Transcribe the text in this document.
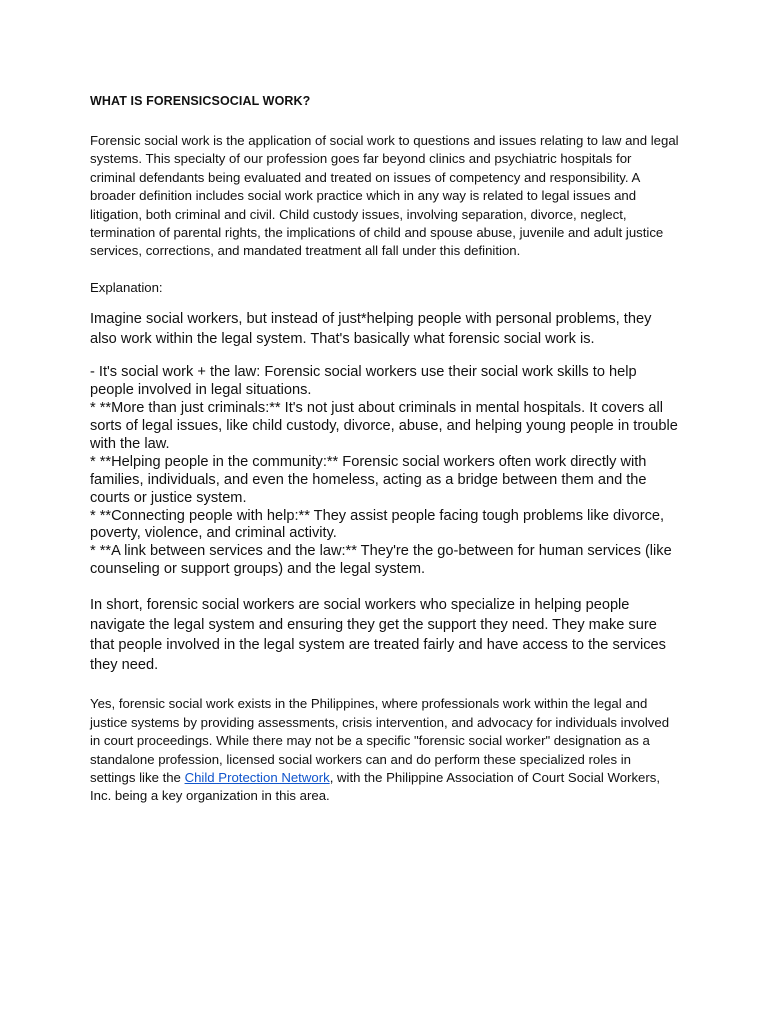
WHAT IS FORENSICSOCIAL WORK?

Forensic social work is the application of social work to questions and issues relating to law and legal systems. This specialty of our profession goes far beyond clinics and psychiatric hospitals for criminal defendants being evaluated and treated on issues of competency and responsibility. A broader definition includes social work practice which in any way is related to legal issues and litigation, both criminal and civil. Child custody issues, involving separation, divorce, neglect, termination of parental rights, the implications of child and spouse abuse, juvenile and adult justice services, corrections, and mandated treatment all fall under this definition.

Explanation:

Imagine social workers, but instead of just*helping people with personal problems, they also work within the legal system. That's basically what forensic social work is.

- It's social work + the law: Forensic social workers use their social work skills to help people involved in legal situations.

* **More than just criminals:** It's not just about criminals in mental hospitals. It covers all sorts of legal issues, like child custody, divorce, abuse, and helping young people in trouble with the law.

* **Helping people in the community:** Forensic social workers often work directly with families, individuals, and even the homeless, acting as a bridge between them and the courts or justice system.

* **Connecting people with help:** They assist people facing tough problems like divorce, poverty, violence, and criminal activity.

* **A link between services and the law:** They're the go-between for human services (like counseling or support groups) and the legal system.

In short, forensic social workers are social workers who specialize in helping people navigate the legal system and ensuring they get the support they need. They make sure that people involved in the legal system are treated fairly and have access to the services they need.

Yes, forensic social work exists in the Philippines, where professionals work within the legal and justice systems by providing assessments, crisis intervention, and advocacy for individuals involved in court proceedings. While there may not be a specific "forensic social worker" designation as a standalone profession, licensed social workers can and do perform these specialized roles in settings like the Child Protection Network, with the Philippine Association of Court Social Workers, Inc. being a key organization in this area.
